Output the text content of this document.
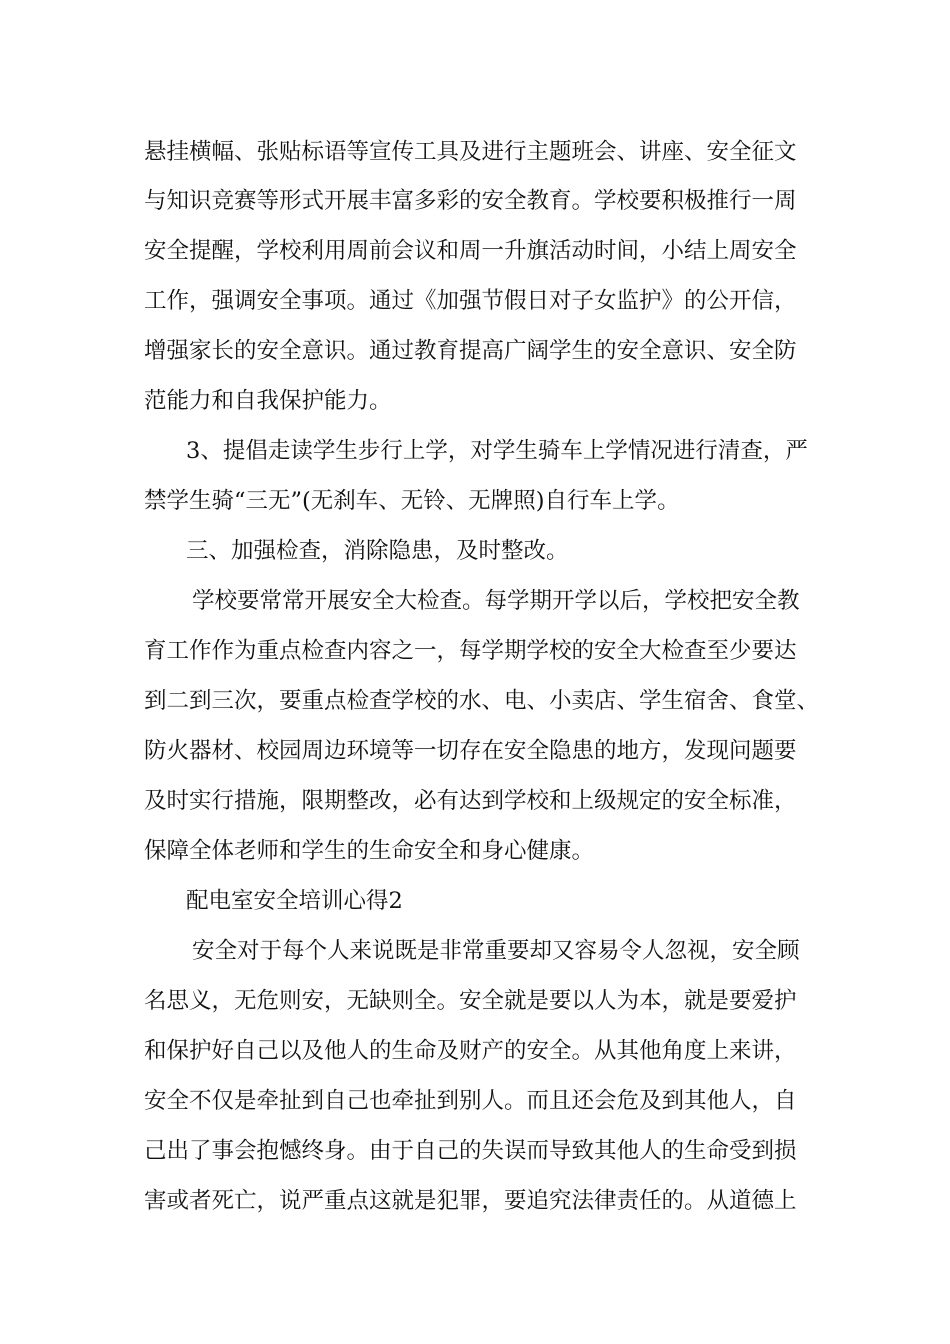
悬挂横幅、张贴标语等宣传工具及进行主题班会、讲座、安全征文
与知识竞赛等形式开展丰富多彩的安全教育。学校要积极推行一周
安全提醒，学校利用周前会议和周一升旗活动时间，小结上周安全
工作，强调安全事项。通过《加强节假日对子女监护》的公开信，
增强家长的安全意识。通过教育提高广阔学生的安全意识、安全防
范能力和自我保护能力。
3、提倡走读学生步行上学，对学生骑车上学情况进行清查，严
禁学生骑“三无”(无刹车、无铃、无牌照)自行车上学。
三、加强检查，消除隐患，及时整改。
学校要常常开展安全大检查。每学期开学以后，学校把安全教
育工作作为重点检查内容之一，每学期学校的安全大检查至少要达
到二到三次，要重点检查学校的水、电、小卖店、学生宿舍、食堂、
防火器材、校园周边环境等一切存在安全隐患的地方，发现问题要
及时实行措施，限期整改，必有达到学校和上级规定的安全标准，
保障全体老师和学生的生命安全和身心健康。
配电室安全培训心得2
安全对于每个人来说既是非常重要却又容易令人忽视，安全顾
名思义，无危则安，无缺则全。安全就是要以人为本，就是要爱护
和保护好自己以及他人的生命及财产的安全。从其他角度上来讲，
安全不仅是牵扯到自己也牵扯到别人。而且还会危及到其他人，自
己出了事会抱憾终身。由于自己的失误而导致其他人的生命受到损
害或者死亡，说严重点这就是犯罪，要追究法律责任的。从道德上
